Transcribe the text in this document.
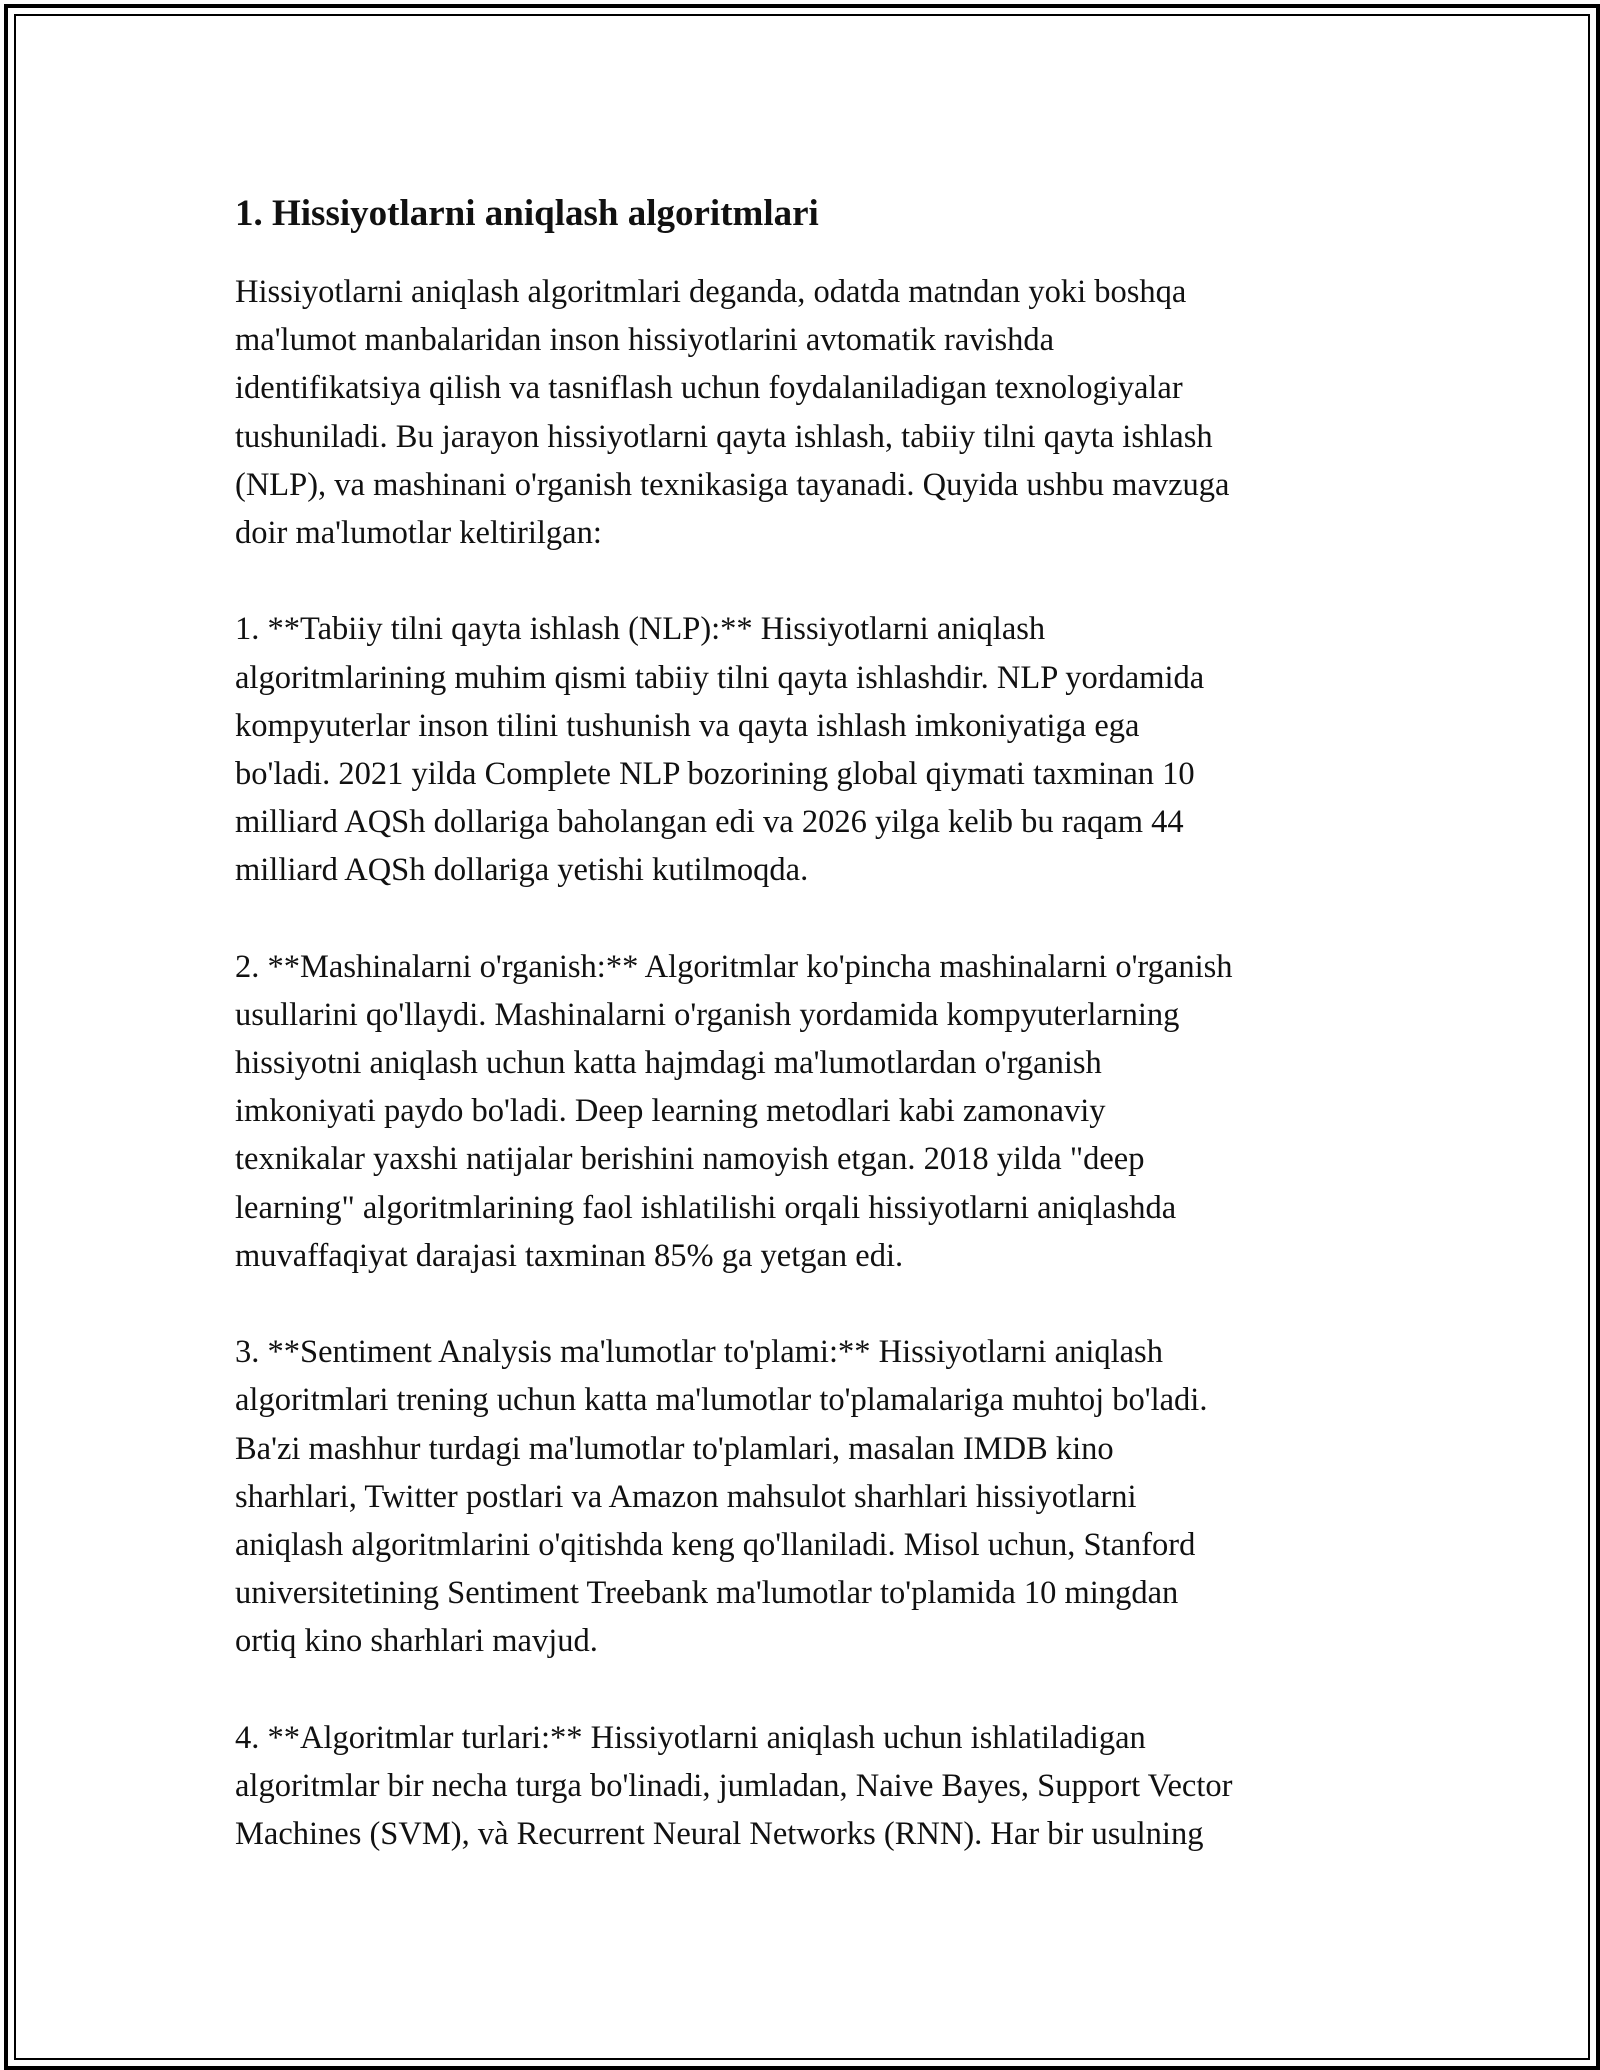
1. Hissiyotlarni aniqlash algoritmlari
Hissiyotlarni aniqlash algoritmlari deganda, odatda matndan yoki boshqa
ma'lumot manbalaridan inson hissiyotlarini avtomatik ravishda
identifikatsiya qilish va tasniflash uchun foydalaniladigan texnologiyalar
tushuniladi. Bu jarayon hissiyotlarni qayta ishlash, tabiiy tilni qayta ishlash
(NLP), va mashinani o'rganish texnikasiga tayanadi. Quyida ushbu mavzuga
doir ma'lumotlar keltirilgan:
1. **Tabiiy tilni qayta ishlash (NLP):** Hissiyotlarni aniqlash
algoritmlarining muhim qismi tabiiy tilni qayta ishlashdir. NLP yordamida
kompyuterlar inson tilini tushunish va qayta ishlash imkoniyatiga ega
bo'ladi. 2021 yilda Complete NLP bozorining global qiymati taxminan 10
milliard AQSh dollariga baholangan edi va 2026 yilga kelib bu raqam 44
milliard AQSh dollariga yetishi kutilmoqda.
2. **Mashinalarni o'rganish:** Algoritmlar ko'pincha mashinalarni o'rganish
usullarini qo'llaydi. Mashinalarni o'rganish yordamida kompyuterlarning
hissiyotni aniqlash uchun katta hajmdagi ma'lumotlardan o'rganish
imkoniyati paydo bo'ladi. Deep learning metodlari kabi zamonaviy
texnikalar yaxshi natijalar berishini namoyish etgan. 2018 yilda "deep
learning" algoritmlarining faol ishlatilishi orqali hissiyotlarni aniqlashda
muvaffaqiyat darajasi taxminan 85% ga yetgan edi.
3. **Sentiment Analysis ma'lumotlar to'plami:** Hissiyotlarni aniqlash
algoritmlari trening uchun katta ma'lumotlar to'plamalariga muhtoj bo'ladi.
Ba'zi mashhur turdagi ma'lumotlar to'plamlari, masalan IMDB kino
sharhlari, Twitter postlari va Amazon mahsulot sharhlari hissiyotlarni
aniqlash algoritmlarini o'qitishda keng qo'llaniladi. Misol uchun, Stanford
universitetining Sentiment Treebank ma'lumotlar to'plamida 10 mingdan
ortiq kino sharhlari mavjud.
4. **Algoritmlar turlari:** Hissiyotlarni aniqlash uchun ishlatiladigan
algoritmlar bir necha turga bo'linadi, jumladan, Naive Bayes, Support Vector
Machines (SVM), và Recurrent Neural Networks (RNN). Har bir usulning
